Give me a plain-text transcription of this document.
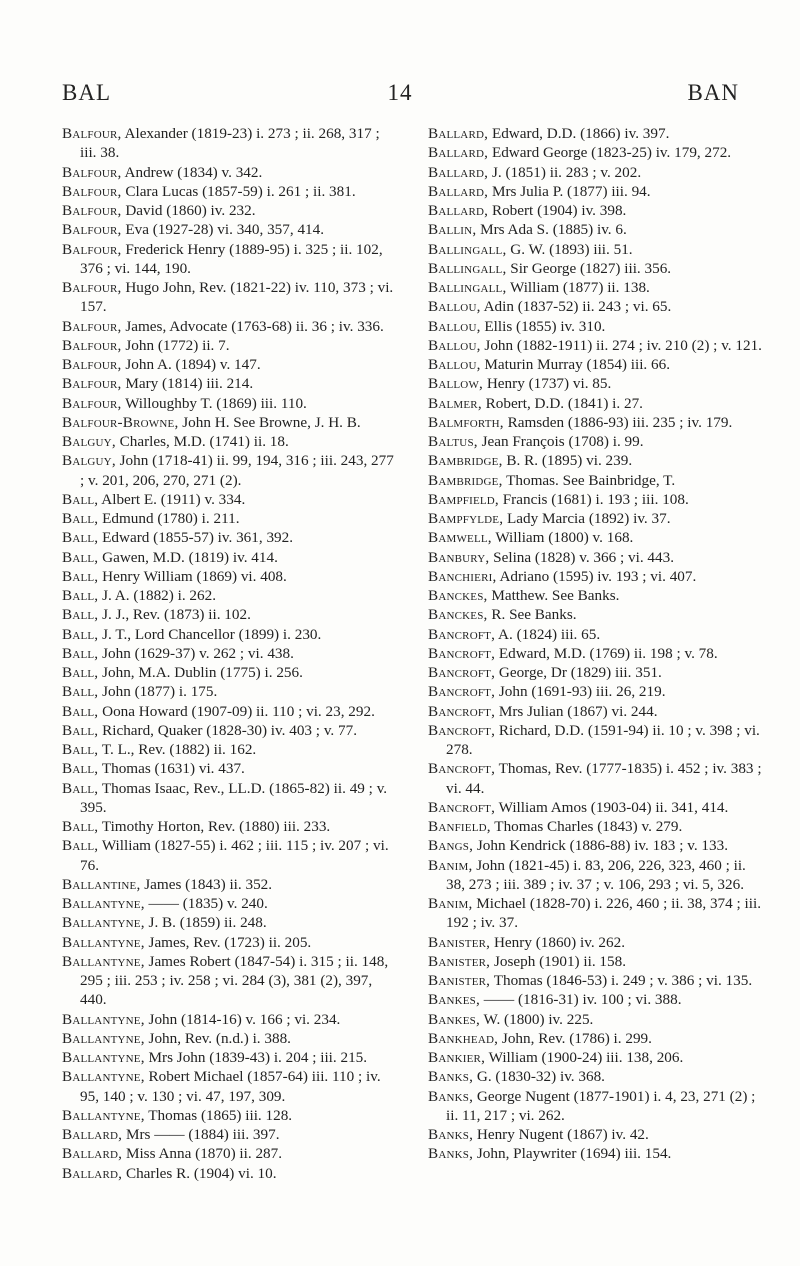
BAL	14	BAN

Balfour, Alexander (1819-23) i. 273 ; ii. 268, 317 ; iii. 38.

Balfour, Andrew (1834) v. 342.

Balfour, Clara Lucas (1857-59) i. 261 ; ii. 381.

Balfour, David (1860) iv. 232.

Balfour, Eva (1927-28) vi. 340, 357, 414.

Balfour, Frederick Henry (1889-95) i. 325 ; ii. 102, 376 ; vi. 144, 190.

Balfour, Hugo John, Rev. (1821-22) iv. 110, 373 ; vi. 157.

Balfour, James, Advocate (1763-68) ii. 36 ; iv. 336.

Balfour, John (1772) ii. 7.

Balfour, John A. (1894) v. 147.

Balfour, Mary (1814) iii. 214.

Balfour, Willoughby T. (1869) iii. 110.

Balfour-Browne, John H. See Browne, J. H. B.

Balguy, Charles, M.D. (1741) ii. 18.

Balguy, John (1718-41) ii. 99, 194, 316 ; iii. 243, 277 ; v. 201, 206, 270, 271 (2).

Ball, Albert E. (1911) v. 334.

Ball, Edmund (1780) i. 211.

Ball, Edward (1855-57) iv. 361, 392.

Ball, Gawen, M.D. (1819) iv. 414.

Ball, Henry William (1869) vi. 408.

Ball, J. A. (1882) i. 262.

Ball, J. J., Rev. (1873) ii. 102.

Ball, J. T., Lord Chancellor (1899) i. 230.

Ball, John (1629-37) v. 262 ; vi. 438.

Ball, John, M.A. Dublin (1775) i. 256.

Ball, John (1877) i. 175.

Ball, Oona Howard (1907-09) ii. 110 ; vi. 23, 292.

Ball, Richard, Quaker (1828-30) iv. 403 ; v. 77.

Ball, T. L., Rev. (1882) ii. 162.

Ball, Thomas (1631) vi. 437.

Ball, Thomas Isaac, Rev., LL.D. (1865-82) ii. 49 ; v. 395.

Ball, Timothy Horton, Rev. (1880) iii. 233.

Ball, William (1827-55) i. 462 ; iii. 115 ; iv. 207 ; vi. 76.

Ballantine, James (1843) ii. 352.

Ballantyne, —— (1835) v. 240.

Ballantyne, J. B. (1859) ii. 248.

Ballantyne, James, Rev. (1723) ii. 205.

Ballantyne, James Robert (1847-54) i. 315 ; ii. 148, 295 ; iii. 253 ; iv. 258 ; vi. 284 (3), 381 (2), 397, 440.

Ballantyne, John (1814-16) v. 166 ; vi. 234.

Ballantyne, John, Rev. (n.d.) i. 388.

Ballantyne, Mrs John (1839-43) i. 204 ; iii. 215.

Ballantyne, Robert Michael (1857-64) iii. 110 ; iv. 95, 140 ; v. 130 ; vi. 47, 197, 309.

Ballantyne, Thomas (1865) iii. 128.

Ballard, Mrs —— (1884) iii. 397.

Ballard, Miss Anna (1870) ii. 287.

Ballard, Charles R. (1904) vi. 10.

Ballard, Edward, D.D. (1866) iv. 397.

Ballard, Edward George (1823-25) iv. 179, 272.

Ballard, J. (1851) ii. 283 ; v. 202.

Ballard, Mrs Julia P. (1877) iii. 94.

Ballard, Robert (1904) iv. 398.

Ballin, Mrs Ada S. (1885) iv. 6.

Ballingall, G. W. (1893) iii. 51.

Ballingall, Sir George (1827) iii. 356.

Ballingall, William (1877) ii. 138.

Ballou, Adin (1837-52) ii. 243 ; vi. 65.

Ballou, Ellis (1855) iv. 310.

Ballou, John (1882-1911) ii. 274 ; iv. 210 (2) ; v. 121.

Ballou, Maturin Murray (1854) iii. 66.

Ballow, Henry (1737) vi. 85.

Balmer, Robert, D.D. (1841) i. 27.

Balmforth, Ramsden (1886-93) iii. 235 ; iv. 179.

Baltus, Jean François (1708) i. 99.

Bambridge, B. R. (1895) vi. 239.

Bambridge, Thomas. See Bainbridge, T.

Bampfield, Francis (1681) i. 193 ; iii. 108.

Bampfylde, Lady Marcia (1892) iv. 37.

Bamwell, William (1800) v. 168.

Banbury, Selina (1828) v. 366 ; vi. 443.

Banchieri, Adriano (1595) iv. 193 ; vi. 407.

Banckes, Matthew. See Banks.

Banckes, R. See Banks.

Bancroft, A. (1824) iii. 65.

Bancroft, Edward, M.D. (1769) ii. 198 ; v. 78.

Bancroft, George, Dr (1829) iii. 351.

Bancroft, John (1691-93) iii. 26, 219.

Bancroft, Mrs Julian (1867) vi. 244.

Bancroft, Richard, D.D. (1591-94) ii. 10 ; v. 398 ; vi. 278.

Bancroft, Thomas, Rev. (1777-1835) i. 452 ; iv. 383 ; vi. 44.

Bancroft, William Amos (1903-04) ii. 341, 414.

Banfield, Thomas Charles (1843) v. 279.

Bangs, John Kendrick (1886-88) iv. 183 ; v. 133.

Banim, John (1821-45) i. 83, 206, 226, 323, 460 ; ii. 38, 273 ; iii. 389 ; iv. 37 ; v. 106, 293 ; vi. 5, 326.

Banim, Michael (1828-70) i. 226, 460 ; ii. 38, 374 ; iii. 192 ; iv. 37.

Banister, Henry (1860) iv. 262.

Banister, Joseph (1901) ii. 158.

Banister, Thomas (1846-53) i. 249 ; v. 386 ; vi. 135.

Bankes, —— (1816-31) iv. 100 ; vi. 388.

Bankes, W. (1800) iv. 225.

Bankhead, John, Rev. (1786) i. 299.

Bankier, William (1900-24) iii. 138, 206.

Banks, G. (1830-32) iv. 368.

Banks, George Nugent (1877-1901) i. 4, 23, 271 (2) ; ii. 11, 217 ; vi. 262.

Banks, Henry Nugent (1867) iv. 42.

Banks, John, Playwriter (1694) iii. 154.
